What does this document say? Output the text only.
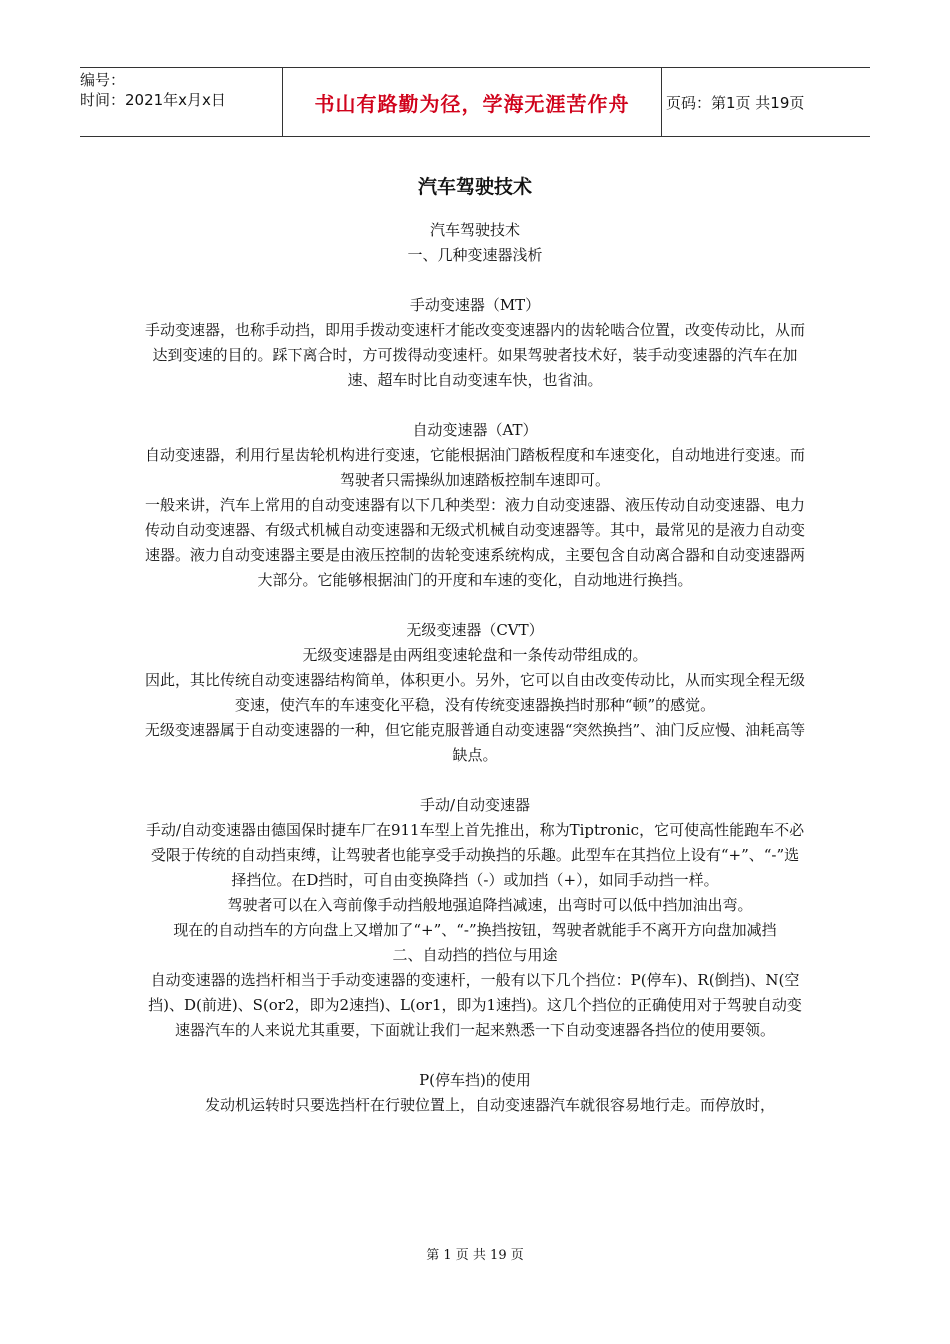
编号：
时间：2021年x月x日	书山有路勤为径，学海无涯苦作舟	页码：第1页 共19页
汽车驾驶技术

汽车驾驶技术

一、几种变速器浅析

手动变速器（MT）

手动变速器，也称手动挡，即用手拨动变速杆才能改变变速器内的齿轮啮合位置，改变传动比，从而达到变速的目的。踩下离合时，方可拨得动变速杆。如果驾驶者技术好，装手动变速器的汽车在加速、超车时比自动变速车快，也省油。

自动变速器（AT）

自动变速器，利用行星齿轮机构进行变速，它能根据油门踏板程度和车速变化，自动地进行变速。而驾驶者只需操纵加速踏板控制车速即可。

一般来讲，汽车上常用的自动变速器有以下几种类型：液力自动变速器、液压传动自动变速器、电力传动自动变速器、有级式机械自动变速器和无级式机械自动变速器等。其中，最常见的是液力自动变速器。液力自动变速器主要是由液压控制的齿轮变速系统构成，主要包含自动离合器和自动变速器两大部分。它能够根据油门的开度和车速的变化，自动地进行换挡。

无级变速器（CVT）

无级变速器是由两组变速轮盘和一条传动带组成的。

因此，其比传统自动变速器结构简单，体积更小。另外，它可以自由改变传动比，从而实现全程无级变速，使汽车的车速变化平稳，没有传统变速器换挡时那种“顿”的感觉。

无级变速器属于自动变速器的一种，但它能克服普通自动变速器“突然换挡”、油门反应慢、油耗高等缺点。

手动/自动变速器

手动/自动变速器由德国保时捷车厂在911车型上首先推出，称为Tiptronic，它可使高性能跑车不必受限于传统的自动挡束缚，让驾驶者也能享受手动换挡的乐趣。此型车在其挡位上设有“+”、“-”选择挡位。在D挡时，可自由变换降挡（-）或加挡（+），如同手动挡一样。

驾驶者可以在入弯前像手动挡般地强追降挡减速，出弯时可以低中挡加油出弯。

现在的自动挡车的方向盘上又增加了“+”、“-”换挡按钮，驾驶者就能手不离开方向盘加减挡

二、自动挡的挡位与用途

自动变速器的选挡杆相当于手动变速器的变速杆，一般有以下几个挡位：P(停车)、R(倒挡)、N(空挡)、D(前进)、S(or2，即为2速挡)、L(or1，即为1速挡)。这几个挡位的正确使用对于驾驶自动变速器汽车的人来说尤其重要，下面就让我们一起来熟悉一下自动变速器各挡位的使用要领。

P(停车挡)的使用

发动机运转时只要选挡杆在行驶位置上，自动变速器汽车就很容易地行走。而停放时，

第 1 页 共 19 页
